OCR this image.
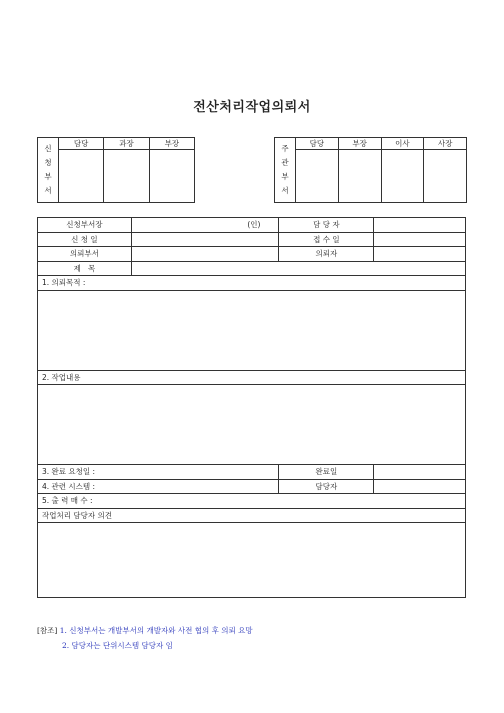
전산처리작업의뢰서
신
청
부
서	담당	과장	부장

주
관
부
서	담당	부장	이사	사장

신청부서장	(인)	담 당 자	
신 청 일		접 수 일	
의뢰부서		의뢰자	
제   목			
1. 의뢰목적 :			

2. 작업내용			

3. 완료 요청일 :		완료일	
4. 관련 시스템 :		담당자	
5. 출 력 매 수 :			
작업처리 담당자 의견			

[참조] 1. 신청부서는 개발부서의 개발자와 사전 협의 후 의뢰 요망
2. 담당자는 단위시스템 담당자 임
